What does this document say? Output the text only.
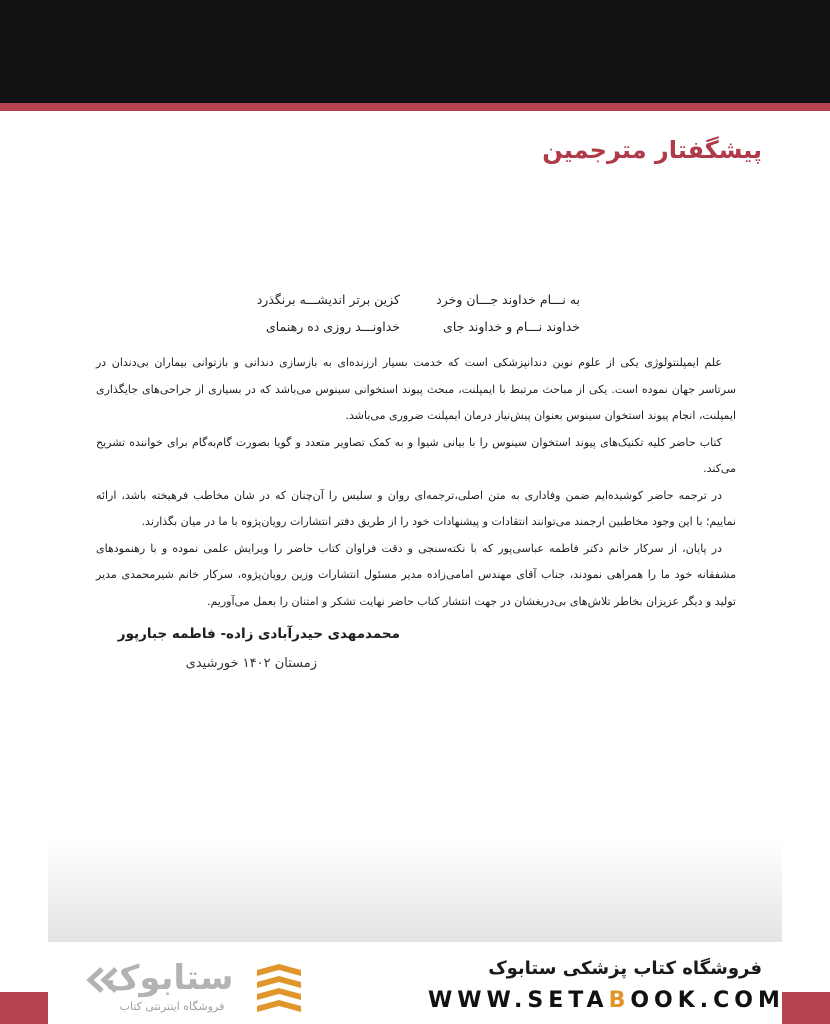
پیشگفتار مترجمین
به نـــام خداوند جـــان وخرد
کزین برتر اندیشـــه برنگذرد
خداوند نـــام و خداوند جای
خداونـــد روزی ده رهنمای

علم ایمپلنتولوژی یکی از علوم نوین دندانپزشکی است که خدمت بسیار ارزنده‌ای به بازسازی دندانی و بازتوانی بیماران بی‌دندان در سرتاسر جهان نموده است. یکی از مباحث مرتبط با ایمپلنت، مبحث پیوند استخوانی سینوس می‌باشد که در بسیاری از جراحی‌های جایگذاری ایمپلنت، انجام پیوند استخوان سینوس بعنوان پیش‌نیاز درمان ایمپلنت ضروری می‌باشد.

کتاب حاضر کلیه تکنیک‌های پیوند استخوان سینوس را با بیانی شیوا و به کمک تصاویر متعدد و گویا بصورت گام‌به‌گام برای خواننده تشریح می‌کند.

در ترجمه حاضر کوشیده‌ایم ضمن وفاداری به متن اصلی،ترجمه‌ای روان و سلیس را آن‌چنان که در شان مخاطب فرهیخته باشد، ارائه نماییم؛ با این وجود مخاطبین ارجمند می‌توانند انتقادات و پیشنهادات خود را از طریق دفتر انتشارات رویان‌پژوه با ما در میان بگذارند.

در پایان، از سرکار خانم دکتر فاطمه عباسی‌پور که با نکته‌سنجی و دقت فراوان کتاب حاضر را ویرایش علمی نموده و با رهنمودهای مشفقانه خود ما را همراهی نمودند، جناب آقای مهندس امامی‌زاده مدیر مسئول انتشارات وزین رویان‌پژوه، سرکار خانم شیرمحمدی مدیر تولید و دیگر عزیزان بخاطر تلاش‌های بی‌دریغشان در جهت انتشار کتاب حاضر نهایت تشکر و امتنان را بعمل می‌آوریم.

محمدمهدی حیدرآبادی زاده- فاطمه جبارپور
زمستان ۱۴۰۲ خورشیدی
فروشگاه کتاب پزشکی ستابوک
WWW.SETABOOK.COM
ستابوک
فروشگاه اینترنتی کتاب
